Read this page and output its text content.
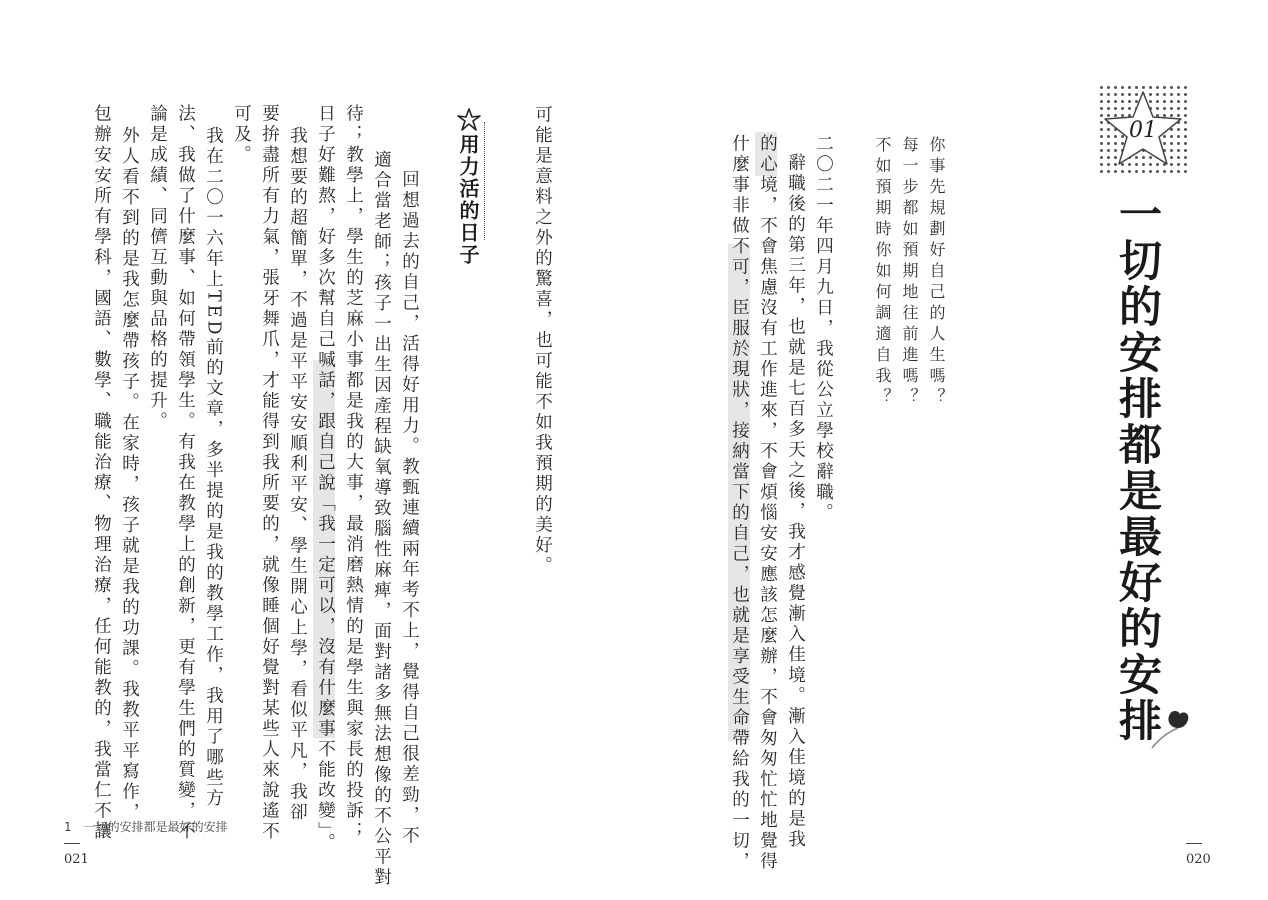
01
你事先規劃好自己的人生嗎？
每一步都如預期地往前進嗎？
不如預期時你如何調適自我？	一切的安排都是最好的安排
二〇二一年四月九日，我從公立學校辭職。
辭職後的第三年，也就是七百多天之後，我才感覺漸入佳境。漸入佳境的是我
的心境，不會焦慮沒有工作進來，不會煩惱安安應該怎麼辦，不會匆匆忙忙地覺得
什麼事非做不可，臣服於現狀，接納當下的自己，也就是享受生命帶給我的一切，
可能是意料之外的驚喜，也可能不如我預期的美好。
用力活的日子
回想過去的自己，活得好用力。教甄連續兩年考不上，覺得自己很差勁，不
適合當老師；孩子一出生因產程缺氧導致腦性麻痺，面對諸多無法想像的不公平對
待；教學上，學生的芝麻小事都是我的大事，最消磨熱情的是學生與家長的投訴；
日子好難熬，好多次幫自己喊話，跟自己說「我一定可以，沒有什麼事不能改變」。
我想要的超簡單，不過是平平安安順利平安、學生開心上學，看似平凡，我卻
要拚盡所有力氣，張牙舞爪，才能得到我所要的，就像睡個好覺對某些人來說遙不
可及。
我在二〇一六年上TED前的文章，多半提的是我的教學工作，我用了哪些方
法、我做了什麼事、如何帶領學生。有我在教學上的創新，更有學生們的質變，不
論是成績、同儕互動與品格的提升。
外人看不到的是我怎麼帶孩子。在家時，孩子就是我的功課。我教平平寫作，
包辦安安所有學科，國語、數學、職能治療、物理治療，任何能教的，我當仁不讓
1　一切的安排都是最好的安排
021	020
